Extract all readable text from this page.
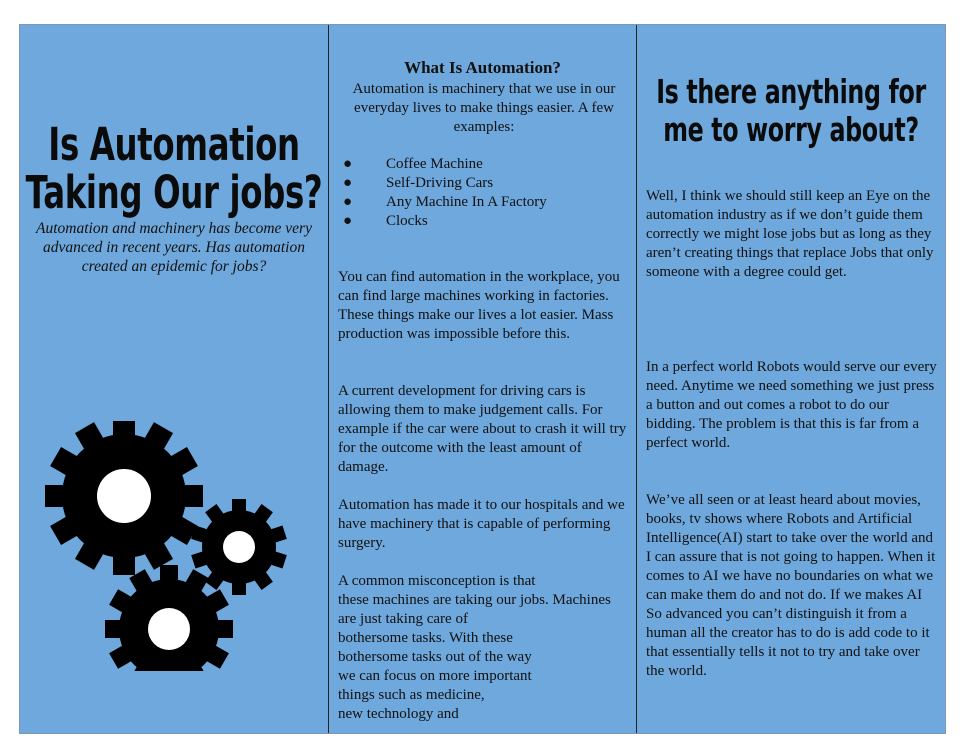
Is Automation Taking Our jobs?
Automation and machinery has become very advanced in recent years. Has automation created an epidemic for jobs?
What Is Automation?
Automation is machinery that we use in our everyday lives to make things easier. A few examples:
● Coffee Machine
● Self-Driving Cars
● Any Machine In A Factory
● Clocks
You can find automation in the workplace, you can find large machines working in factories. These things make our lives a lot easier. Mass production was impossible before this.
A current development for driving cars is allowing them to make judgement calls. For example if the car were about to crash it will try for the outcome with the least amount of damage.
Automation has made it to our hospitals and we have machinery that is capable of performing surgery.
A common misconception is that
these machines are taking our jobs. Machines
are just taking care of
bothersome tasks. With these
bothersome tasks out of the way
we can focus on more important
things such as medicine,
new technology and
Is there anything for me to worry about?
Well, I think we should still keep an Eye on the automation industry as if we don’t guide them correctly we might lose jobs but as long as they aren’t creating things that replace Jobs that only someone with a degree could get.
In a perfect world Robots would serve our every need. Anytime we need something we just press a button and out comes a robot to do our bidding. The problem is that this is far from a perfect world.
We’ve all seen or at least heard about movies, books, tv shows where Robots and Artificial Intelligence(AI) start to take over the world and I can assure that is not going to happen. When it comes to AI we have no boundaries on what we can make them do and not do. If we makes AI So advanced you can’t distinguish it from a human all the creator has to do is add code to it that essentially tells it not to try and take over the world.
